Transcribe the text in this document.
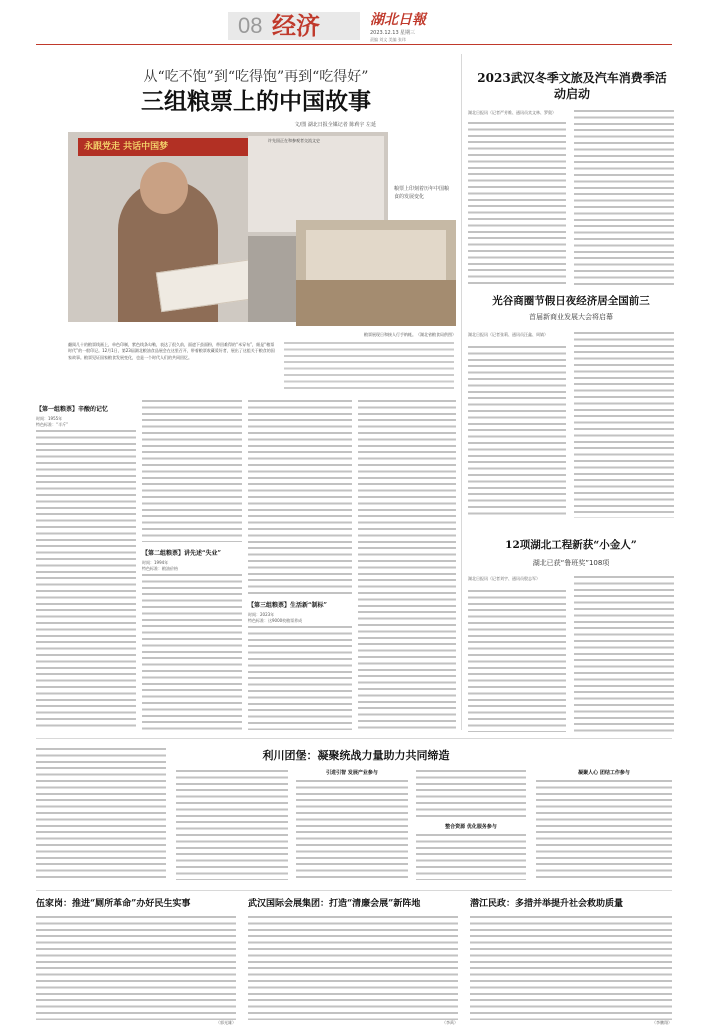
08 经济	湖北日報
2023.12.13 星期三
责编 刘文 美编 张玮
从“吃不饱”到“吃得饱”再到“吃得好”
三组粮票上的中国故事
文/图 湖北日报全媒记者 陈莉宇 左延
永跟党走 共话中国梦
许先国正在和参观者交流文史
粮票上印刻着历年中国粮食的发展变化
粮票展现日和接人行手纳帐。（湖北省粮食局供图）
翻阅几十的粮票线画上，单色印制，紫色线条勾勒，表达了很久前，面遮下茧面粉，带回难得的“米穿布”，细是“粮票时代”的一般印记。12月1日，第23届湖北粮油食品展会在这里召开，带着粮票收藏爱好者，展出了这组关于粮食的国家故事。粮票见证国家粮食发展变化，也是一个时代人们的共同回忆。
【第一组粮票】辛酸的记忆
时间：1955年
特色标准：“半斤”
【第二组粮票】讲先述“失业”
时间：1994年
特色标准：粮油价格
【第三组粮票】生活新“制标”
时间：2023年
特色标准：这9000枚粮票养成
2023武汉冬季文旅及汽车消费季活动启动
湖北日报讯（记者严芳维、通讯员宾文林、罗奥）
光谷商圈节假日夜经济居全国前三
首届新商业发展大会将启幕
湖北日报讯（记者张莉、通讯员汪鑫、周婧）
12项湖北工程新获“小金人”
湖北已获“鲁班奖”108项
湖北日报讯（记者刘宇、通讯员殷志军）
利川团堡：凝聚统战力量助力共同缔造
引进引智 发展产业参与
整合资源 优化服务参与
凝聚人心 团结工作参与
伍家岗：推进“厕所革命”办好民生实事
（郭光雄）
武汉国际会展集团：打造“清廉会展”新阵地
（李禹）
潜江民政：多措并举提升社会救助质量
（李鹏翔）
